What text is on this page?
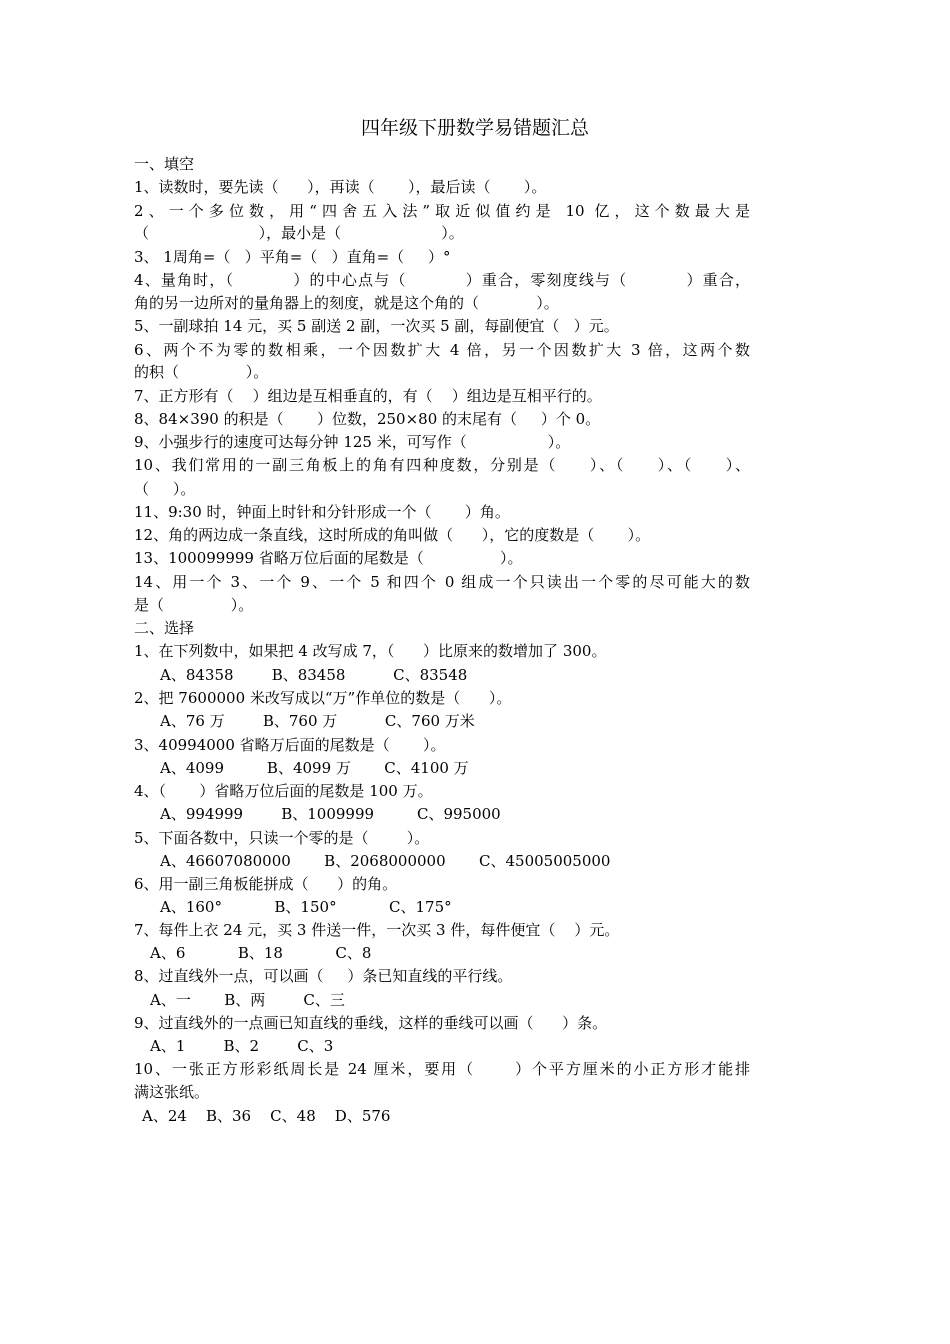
四年级下册数学易错题汇总
一、填空
1、读数时，要先读（      ），再读（       ），最后读（       ）。
2、一个多位数，用“四舍五入法”取近似值约是 10 亿，这个数最大是
（                       ），最小是（                     ）。
3、 1周角=（   ）平角=（   ）直角=（     ）°
4、量角时，（          ）的中心点与（          ）重合，零刻度线与（          ）重合，
角的另一边所对的量角器上的刻度，就是这个角的（            ）。
5、一副球拍 14 元，买 5 副送 2 副，一次买 5 副，每副便宜（   ）元。
6、两个不为零的数相乘，一个因数扩大 4 倍，另一个因数扩大 3 倍，这两个数
的积（              ）。
7、正方形有（    ）组边是互相垂直的，有（    ）组边是互相平行的。
8、84×390 的积是（       ）位数，250×80 的末尾有（     ）个 0。
9、小强步行的速度可达每分钟 125 米，可写作（                 ）。
10、我们常用的一副三角板上的角有四种度数，分别是（     ）、（     ）、（     ）、
（     ）。
11、9:30 时，钟面上时针和分针形成一个（       ）角。
12、角的两边成一条直线，这时所成的角叫做（      ），它的度数是（       ）。
13、100099999 省略万位后面的尾数是（                ）。
14、用一个 3、一个 9、一个 5 和四个 0 组成一个只读出一个零的尽可能大的数
是（              ）。
二、选择
1、在下列数中，如果把 4 改写成 7，（      ）比原来的数增加了 300。
A、84358        B、83458          C、83548
2、把 7600000 米改写成以“万”作单位的数是（      ）。
A、76 万        B、760 万          C、760 万米
3、40994000 省略万后面的尾数是（       ）。
A、4099         B、4099 万       C、4100 万
4、（       ）省略万位后面的尾数是 100 万。
A、994999        B、1009999         C、995000
5、下面各数中，只读一个零的是（        ）。
A、46607080000       B、2068000000       C、45005005000
6、用一副三角板能拼成（      ）的角。
A、160°           B、150°           C、175°
7、每件上衣 24 元，买 3 件送一件，一次买 3 件，每件便宜（    ）元。
A、6           B、18           C、8
8、过直线外一点，可以画（     ）条已知直线的平行线。
A、一       B、两        C、三
9、过直线外的一点画已知直线的垂线，这样的垂线可以画（      ）条。
A、1        B、2        C、3
10、一张正方形彩纸周长是 24 厘米，要用（      ）个平方厘米的小正方形才能排
满这张纸。
A、24    B、36    C、48    D、576
